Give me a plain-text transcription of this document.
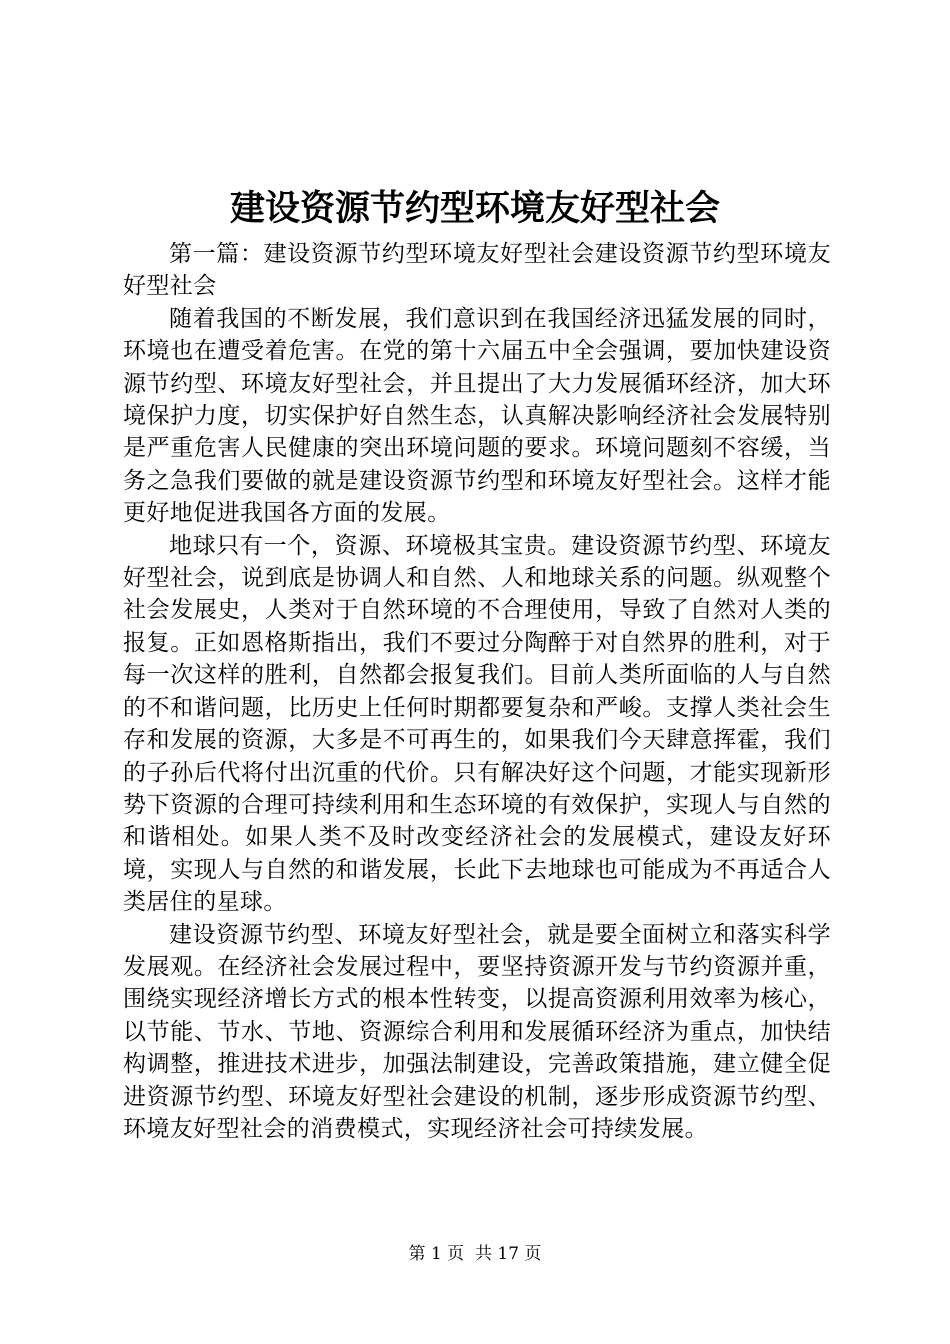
建设资源节约型环境友好型社会

第一篇：建设资源节约型环境友好型社会建设资源节约型环境友好型社会

随着我国的不断发展，我们意识到在我国经济迅猛发展的同时，环境也在遭受着危害。在党的第十六届五中全会强调，要加快建设资源节约型、环境友好型社会，并且提出了大力发展循环经济，加大环境保护力度，切实保护好自然生态，认真解决影响经济社会发展特别是严重危害人民健康的突出环境问题的要求。环境问题刻不容缓，当务之急我们要做的就是建设资源节约型和环境友好型社会。这样才能更好地促进我国各方面的发展。

地球只有一个，资源、环境极其宝贵。建设资源节约型、环境友好型社会，说到底是协调人和自然、人和地球关系的问题。纵观整个社会发展史，人类对于自然环境的不合理使用，导致了自然对人类的报复。正如恩格斯指出，我们不要过分陶醉于对自然界的胜利，对于每一次这样的胜利，自然都会报复我们。目前人类所面临的人与自然的不和谐问题，比历史上任何时期都要复杂和严峻。支撑人类社会生存和发展的资源，大多是不可再生的，如果我们今天肆意挥霍，我们的子孙后代将付出沉重的代价。只有解决好这个问题，才能实现新形势下资源的合理可持续利用和生态环境的有效保护，实现人与自然的和谐相处。如果人类不及时改变经济社会的发展模式，建设友好环境，实现人与自然的和谐发展，长此下去地球也可能成为不再适合人类居住的星球。

建设资源节约型、环境友好型社会，就是要全面树立和落实科学发展观。在经济社会发展过程中，要坚持资源开发与节约资源并重，围绕实现经济增长方式的根本性转变，以提高资源利用效率为核心，以节能、节水、节地、资源综合利用和发展循环经济为重点，加快结构调整，推进技术进步，加强法制建设，完善政策措施，建立健全促进资源节约型、环境友好型社会建设的机制，逐步形成资源节约型、环境友好型社会的消费模式，实现经济社会可持续发展。

第 1 页 共 17 页
